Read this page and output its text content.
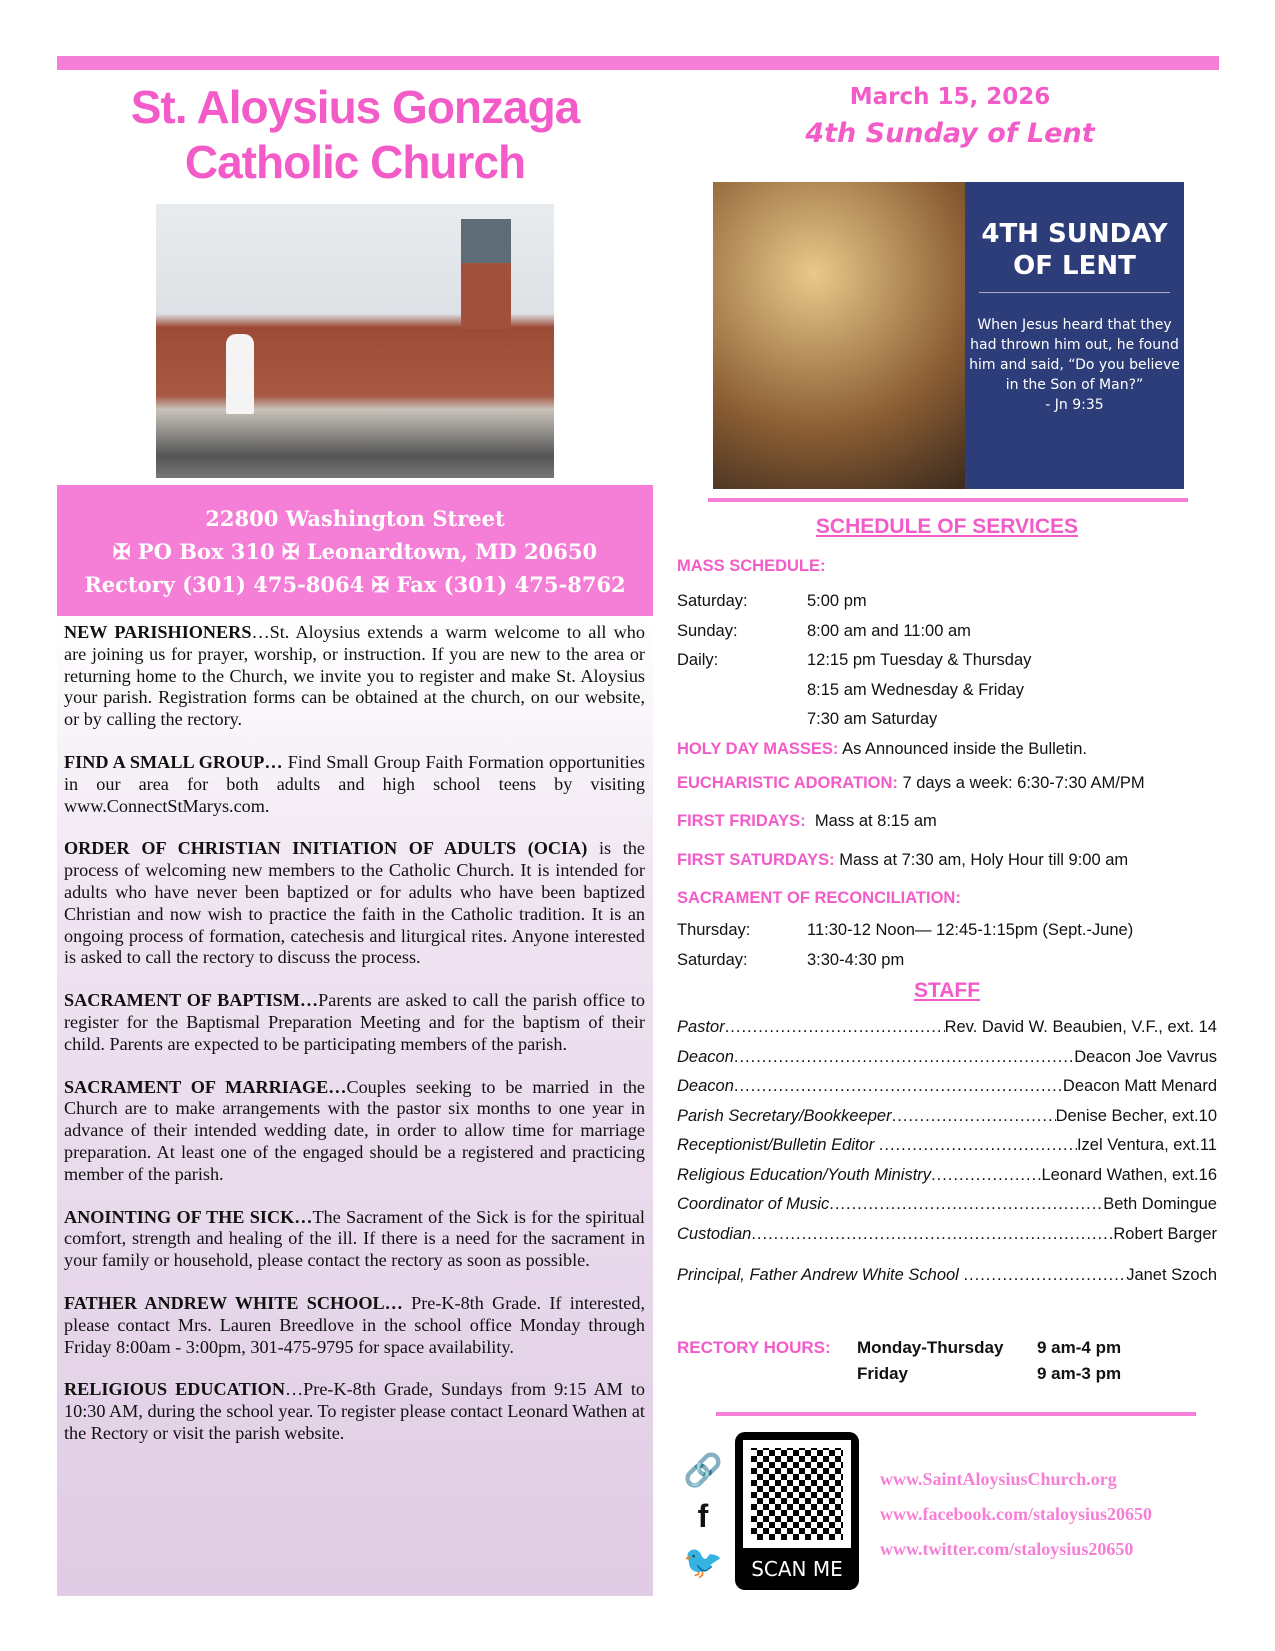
St. Aloysius Gonzaga
Catholic Church
22800 Washington Street
✠ PO Box 310 ✠ Leonardtown, MD 20650
Rectory (301) 475-8064 ✠ Fax (301) 475-8762

NEW PARISHIONERS…St. Aloysius extends a warm welcome to all who are joining us for prayer, worship, or instruction. If you are new to the area or returning home to the Church, we invite you to register and make St. Aloysius your parish. Registration forms can be obtained at the church, on our website, or by calling the rectory.

FIND A SMALL GROUP… Find Small Group Faith Formation opportunities in our area for both adults and high school teens by visiting www.ConnectStMarys.com.

ORDER OF CHRISTIAN INITIATION OF ADULTS (OCIA) is the process of welcoming new members to the Catholic Church. It is intended for adults who have never been baptized or for adults who have been baptized Christian and now wish to practice the faith in the Catholic tradition. It is an ongoing process of formation, catechesis and liturgical rites. Anyone interested is asked to call the rectory to discuss the process.

SACRAMENT OF BAPTISM…Parents are asked to call the parish office to register for the Baptismal Preparation Meeting and for the baptism of their child. Parents are expected to be participating members of the parish.

SACRAMENT OF MARRIAGE…Couples seeking to be married in the Church are to make arrangements with the pastor six months to one year in advance of their intended wedding date, in order to allow time for marriage preparation. At least one of the engaged should be a registered and practicing member of the parish.

ANOINTING OF THE SICK…The Sacrament of the Sick is for the spiritual comfort, strength and healing of the ill. If there is a need for the sacrament in your family or household, please contact the rectory as soon as possible.

FATHER ANDREW WHITE SCHOOL… Pre-K-8th Grade. If interested, please contact Mrs. Lauren Breedlove in the school office Monday through Friday 8:00am - 3:00pm, 301-475-9795 for space availability.

RELIGIOUS EDUCATION…Pre-K-8th Grade, Sundays from 9:15 AM to 10:30 AM, during the school year. To register please contact Leonard Wathen at the Rectory or visit the parish website.

March 15, 2026
4th Sunday of Lent
4TH SUNDAY
OF LENT
When Jesus heard that they had thrown him out, he found him and said, “Do you believe in the Son of Man?”
- Jn 9:35
SCHEDULE OF SERVICES
MASS SCHEDULE:
Saturday:	5:00 pm
Sunday:	8:00 am and 11:00 am
Daily:	12:15 pm Tuesday & Thursday
8:15 am Wednesday & Friday
7:30 am Saturday
HOLY DAY MASSES: As Announced inside the Bulletin.
EUCHARISTIC ADORATION: 7 days a week: 6:30-7:30 AM/PM
FIRST FRIDAYS: Mass at 8:15 am
FIRST SATURDAYS: Mass at 7:30 am, Holy Hour till 9:00 am
SACRAMENT OF RECONCILIATION:
Thursday:	11:30-12 Noon— 12:45-1:15pm (Sept.-June)
Saturday:	3:30-4:30 pm
STAFF
Pastor .....	Rev. David W. Beaubien, V.F., ext. 14
Deacon .....	Deacon Joe Vavrus
Deacon .....	Deacon Matt Menard
Parish Secretary/Bookkeeper .....	Denise Becher, ext.10
Receptionist/Bulletin Editor .....	Izel Ventura, ext.11
Religious Education/Youth Ministry .....	Leonard Wathen, ext.16
Coordinator of Music .....	Beth Domingue
Custodian .....	Robert Barger
Principal, Father Andrew White School .....	Janet Szoch
RECTORY HOURS:	Monday-Thursday	9 am-4 pm
Friday	9 am-3 pm
🔗
f
🐦	SCAN ME
www.SaintAloysiusChurch.org
www.facebook.com/staloysius20650
www.twitter.com/staloysius20650
